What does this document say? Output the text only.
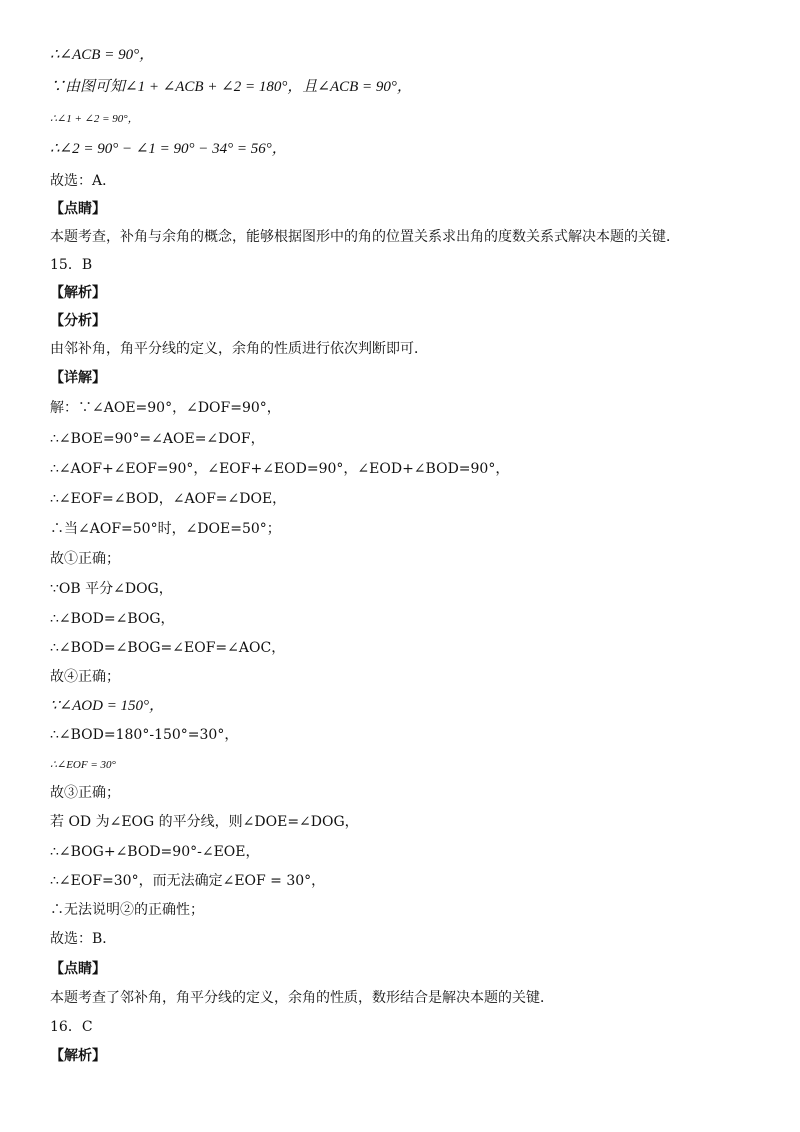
∴∠ACB = 90°，
∵由图可知∠1 + ∠ACB + ∠2 = 180°，且∠ACB = 90°，
∴∠1 + ∠2 = 90°，
∴∠2 = 90° − ∠1 = 90° − 34° = 56°，
故选：A．
【点睛】
本题考查，补角与余角的概念，能够根据图形中的角的位置关系求出角的度数关系式解决本题的关键．
15．B
【解析】
【分析】
由邻补角，角平分线的定义，余角的性质进行依次判断即可．
【详解】
解：∵∠AOE=90°，∠DOF=90°，
∴∠BOE=90°=∠AOE=∠DOF，
∴∠AOF+∠EOF=90°，∠EOF+∠EOD=90°，∠EOD+∠BOD=90°，
∴∠EOF=∠BOD，∠AOF=∠DOE，
∴当∠AOF=50°时，∠DOE=50°；
故①正确；
∵OB 平分∠DOG，
∴∠BOD=∠BOG，
∴∠BOD=∠BOG=∠EOF=∠AOC，
故④正确；
∵∠AOD = 150°，
∴∠BOD=180°-150°=30°，
∴∠EOF = 30°
故③正确；
若 OD 为∠EOG 的平分线，则∠DOE=∠DOG，
∴∠BOG+∠BOD=90°-∠EOE，
∴∠EOF=30°，而无法确定∠EOF = 30°，
∴无法说明②的正确性；
故选：B．
【点睛】
本题考查了邻补角，角平分线的定义，余角的性质，数形结合是解决本题的关键．
16．C
【解析】
